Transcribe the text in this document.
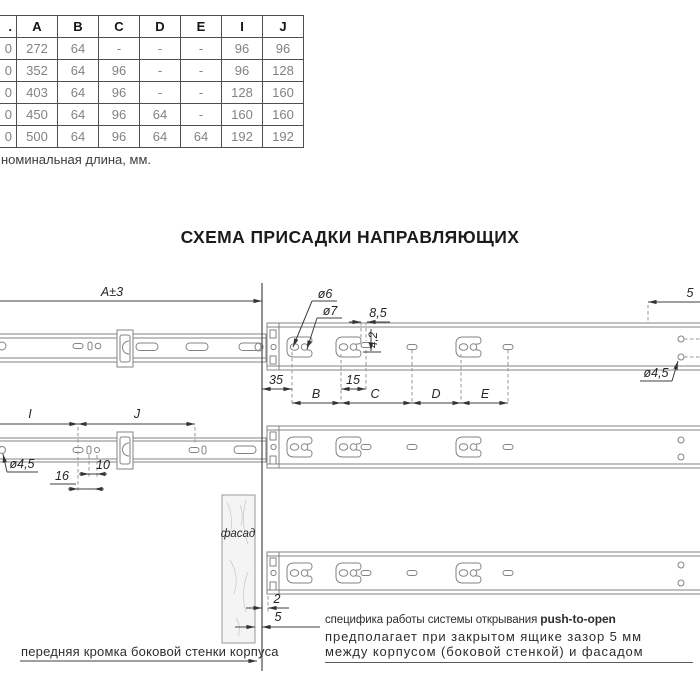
.	A	B	C	D	E	I	J
0	272	64	-	-	-	96	96
0	352	64	96	-	-	96	128
0	403	64	96	-	-	128	160
0	450	64	96	64	-	160	160
0	500	64	96	64	64	192	192
номинальная длина, мм.
СХЕМА ПРИСАДКИ НАПРАВЛЯЮЩИХ
фасад
A±3	ø6
ø7	8,5
4,2
35	15
B	C	D	E
5
ø4,5
I	J
16
10
ø4,5
2
5
передняя кромка боковой стенки корпуса
специфика работы системы открывания push-to-open
предполагает при закрытом ящике зазор 5 мм
между корпусом (боковой стенкой) и фасадом
